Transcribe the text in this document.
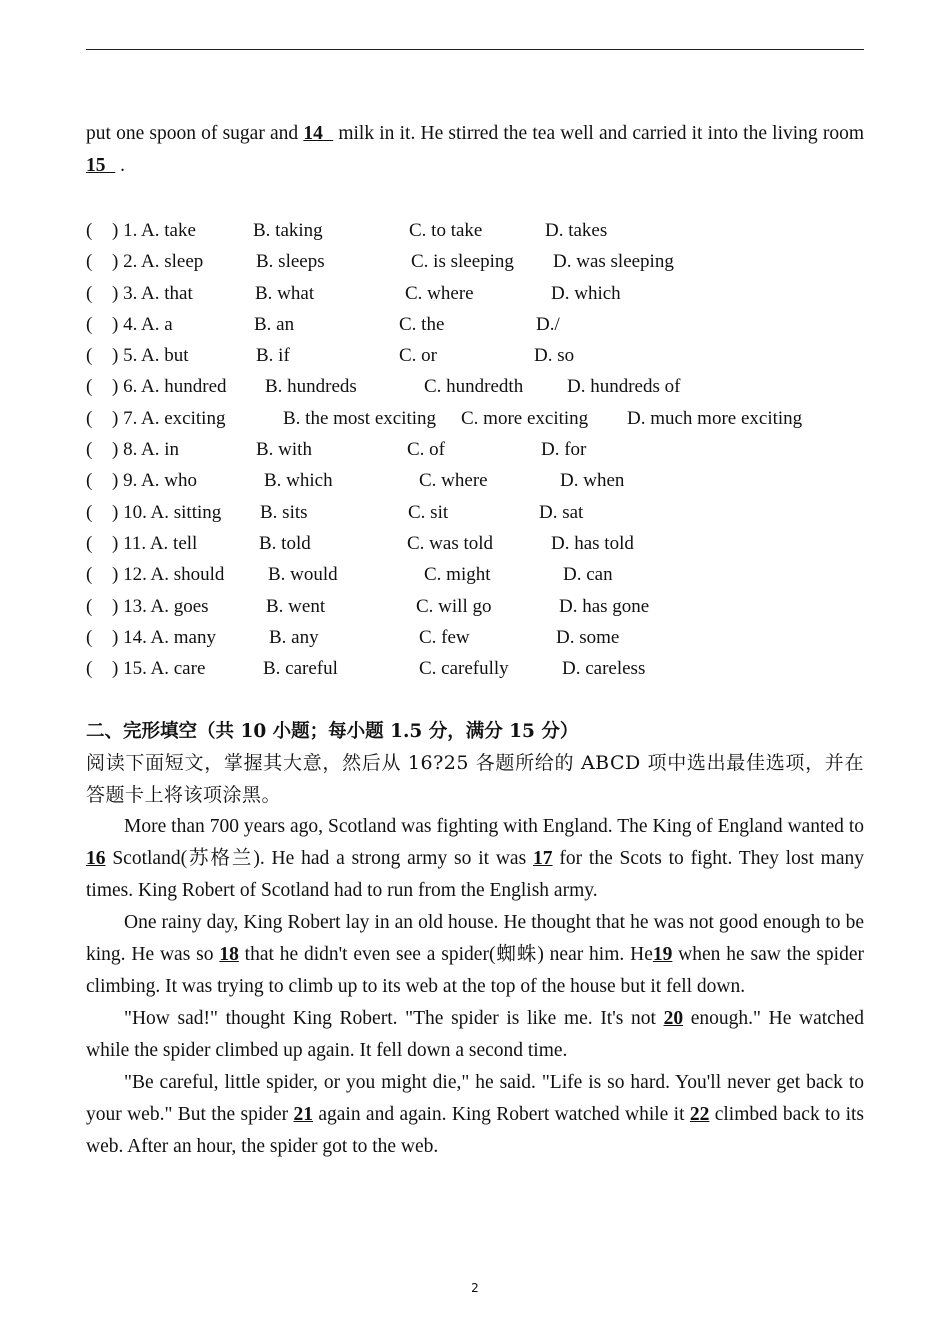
put one spoon of sugar and 14   milk in it. He stirred the tea well and carried it into the living room 15   .

( ) 1. A. take	B. taking	C. to take	D. takes
( ) 2. A. sleep	B. sleeps	C. is sleeping D. was sleeping
( ) 3. A. that	B. what	C. where	D. which
( ) 4. A. a	B. an	C. the	D./
( ) 5. A. but	B. if	C. or	D. so
( ) 6. A. hundred B. hundreds	C. hundredth D. hundreds of
( ) 7. A. exciting	B. the most exciting C. more exciting D. much more exciting
( ) 8. A. in	B. with	C. of	D. for
( ) 9. A. who	B. which	C. where	D. when
( ) 10. A. sitting B. sits	C. sit	D. sat
( ) 11. A. tell	B. told	C. was told	D. has told
( ) 12. A. should B. would	C. might	D. can
( ) 13. A. goes	B. went	C. will go	D. has gone
( ) 14. A. many	B. any	C. few	D. some
( ) 15. A. care	B. careful	C. carefully	D. careless
二、完形填空（共 10 小题；每小题 1.5 分，满分 15 分）

阅读下面短文，掌握其大意，然后从 16?25 各题所给的 ABCD 项中选出最佳选项，并在答题卡上将该项涂黑。

More than 700 years ago, Scotland was fighting with England. The King of England wanted to 16 Scotland(苏格兰). He had a strong army so it was 17 for the Scots to fight. They lost many times. King Robert of Scotland had to run from the English army.

One rainy day, King Robert lay in an old house. He thought that he was not good enough to be king. He was so 18 that he didn't even see a spider(蜘蛛) near him. He19 when he saw the spider climbing. It was trying to climb up to its web at the top of the house but it fell down.

"How sad!" thought King Robert. "The spider is like me. It's not 20 enough." He watched while the spider climbed up again. It fell down a second time.

"Be careful, little spider, or you might die," he said. "Life is so hard. You'll never get back to your web." But the spider 21 again and again. King Robert watched while it 22 climbed back to its web. After an hour, the spider got to the web.

2
